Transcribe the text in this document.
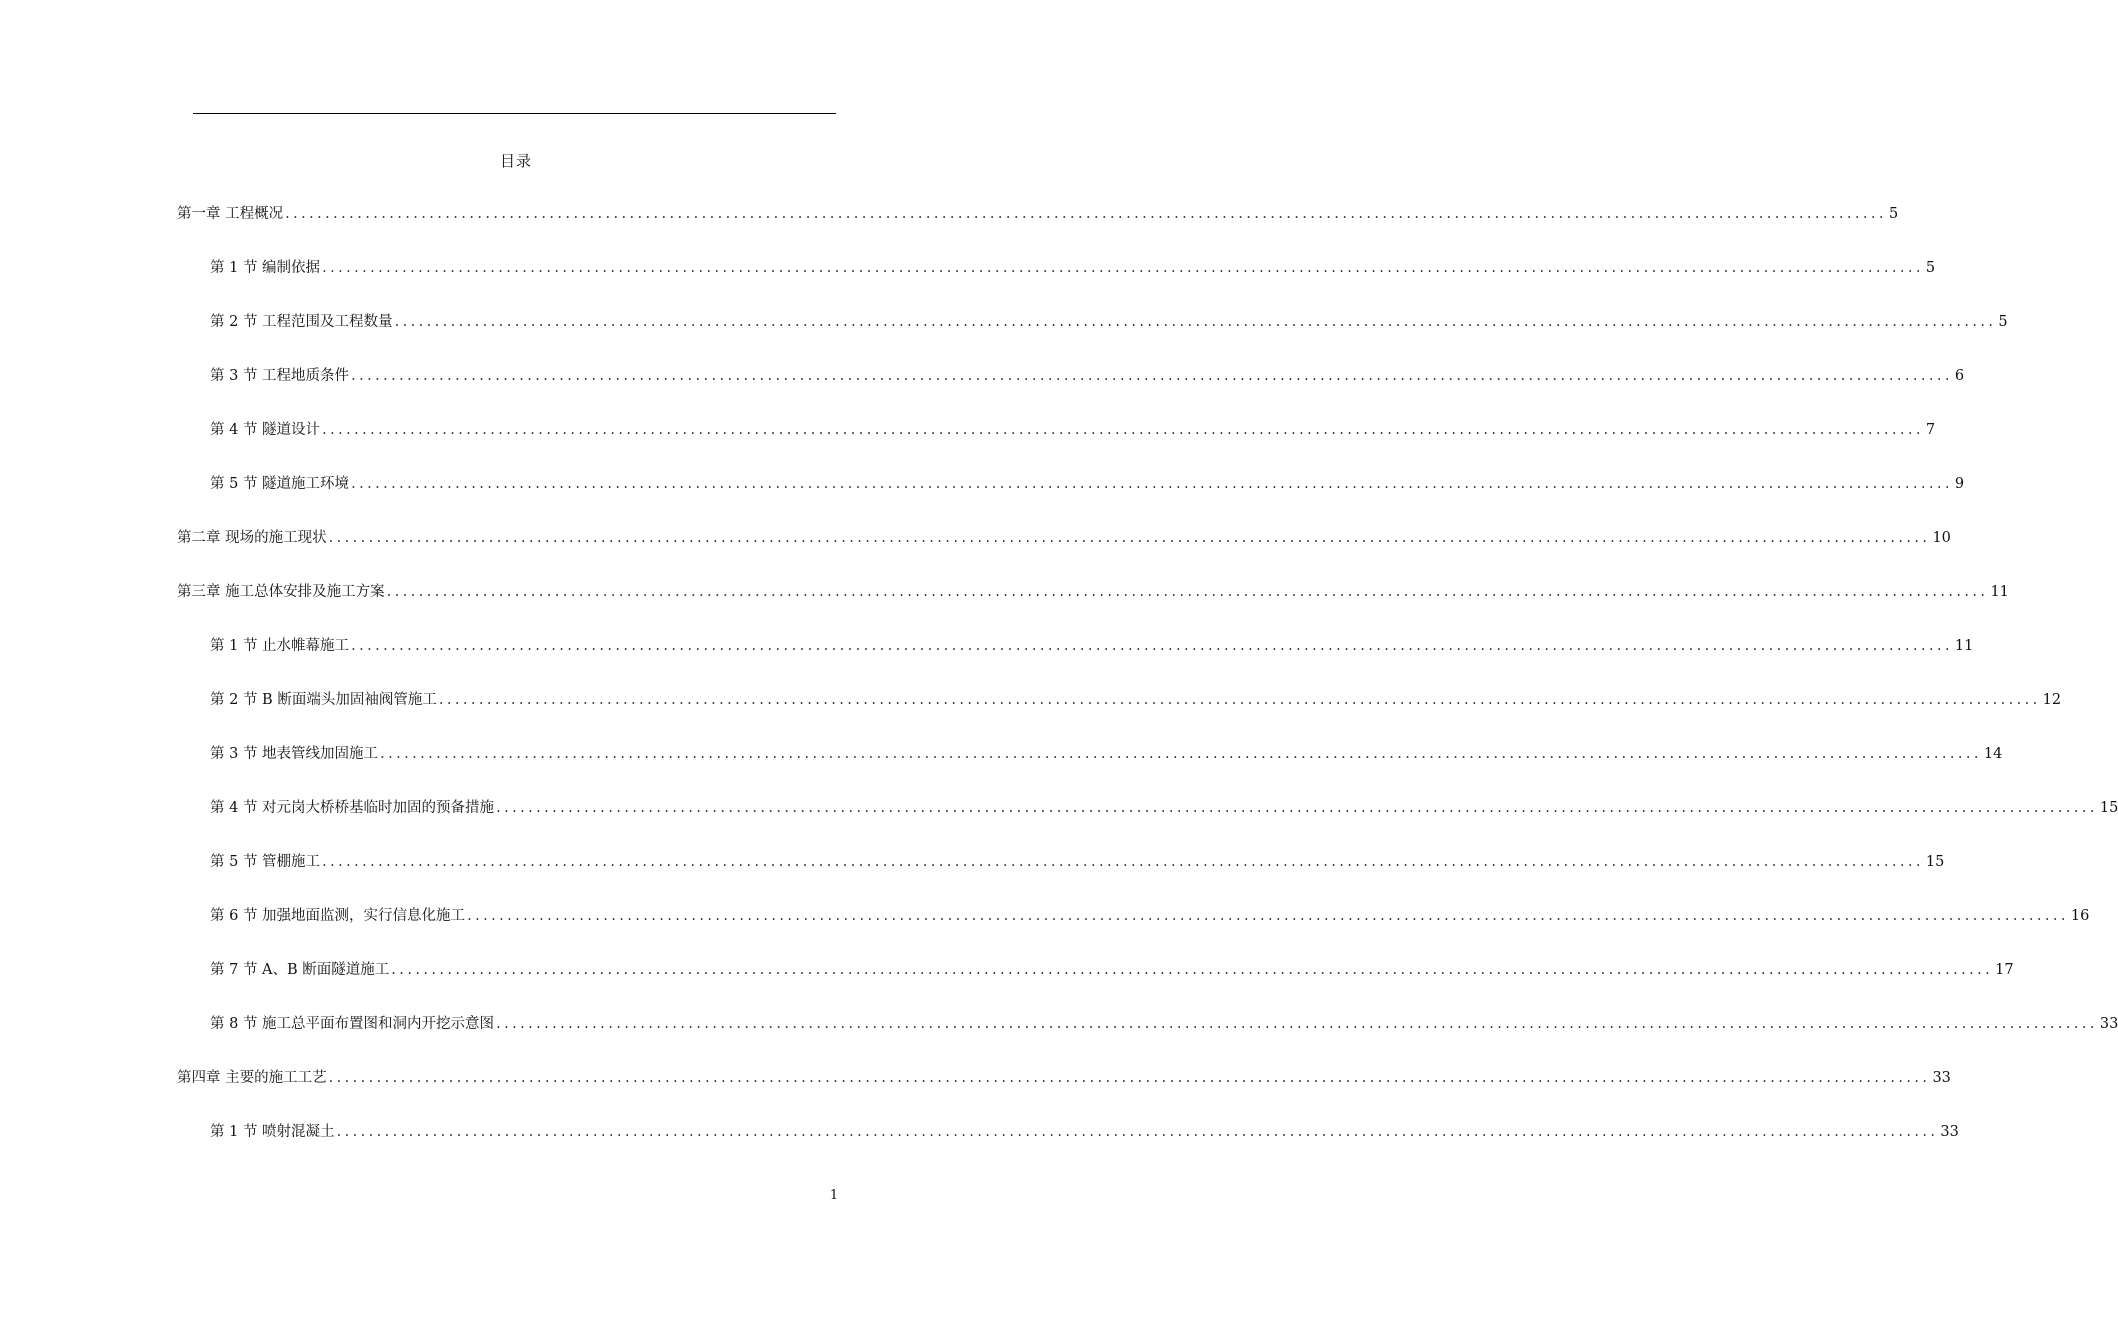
目录
第一章 工程概况 ........................................................................................................................................................................................................ 5
第 1 节 编制依据 ........................................................................................................................................................................................................ 5
第 2 节 工程范围及工程数量 ........................................................................................................................................................................................................ 5
第 3 节 工程地质条件 ........................................................................................................................................................................................................ 6
第 4 节 隧道设计 ........................................................................................................................................................................................................ 7
第 5 节 隧道施工环境 ........................................................................................................................................................................................................ 9
第二章 现场的施工现状 ........................................................................................................................................................................................................ 10
第三章 施工总体安排及施工方案 ........................................................................................................................................................................................................ 11
第 1 节 止水帷幕施工 ........................................................................................................................................................................................................ 11
第 2 节 B 断面端头加固袖阀管施工 ........................................................................................................................................................................................................ 12
第 3 节 地表管线加固施工 ........................................................................................................................................................................................................ 14
第 4 节 对元岗大桥桥基临时加固的预备措施 ........................................................................................................................................................................................................ 15
第 5 节 管棚施工 ........................................................................................................................................................................................................ 15
第 6 节 加强地面监测，实行信息化施工 ........................................................................................................................................................................................................ 16
第 7 节 A、B 断面隧道施工 ........................................................................................................................................................................................................ 17
第 8 节 施工总平面布置图和洞内开挖示意图 ........................................................................................................................................................................................................ 33
第四章 主要的施工工艺 ........................................................................................................................................................................................................ 33
第 1 节 喷射混凝土 ........................................................................................................................................................................................................ 33
1
